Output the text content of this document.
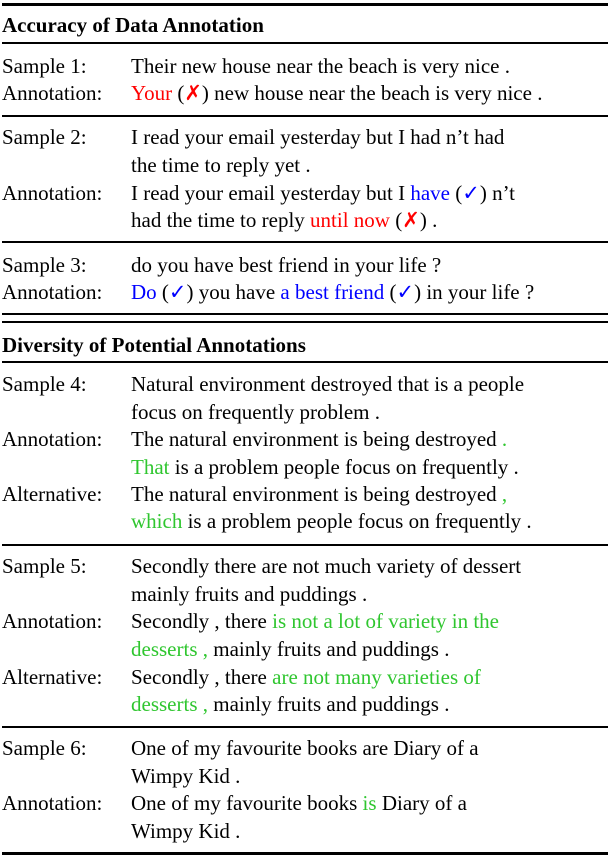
Accuracy of Data Annotation
Sample 1: Their new house near the beach is very nice .
Annotation: Your (✗) new house near the beach is very nice .
Sample 2: I read your email yesterday but I had n’t had
the time to reply yet .
Annotation: I read your email yesterday but I have (✓) n’t
had the time to reply until now (✗) .
Sample 3: do you have best friend in your life ?
Annotation: Do (✓) you have a best friend (✓) in your life ?
Diversity of Potential Annotations
Sample 4: Natural environment destroyed that is a people
focus on frequently problem .
Annotation: The natural environment is being destroyed .
That is a problem people focus on frequently .
Alternative: The natural environment is being destroyed ,
which is a problem people focus on frequently .
Sample 5: Secondly there are not much variety of dessert
mainly fruits and puddings .
Annotation: Secondly , there is not a lot of variety in the
desserts , mainly fruits and puddings .
Alternative: Secondly , there are not many varieties of
desserts , mainly fruits and puddings .
Sample 6: One of my favourite books are Diary of a
Wimpy Kid .
Annotation: One of my favourite books is Diary of a
Wimpy Kid .
